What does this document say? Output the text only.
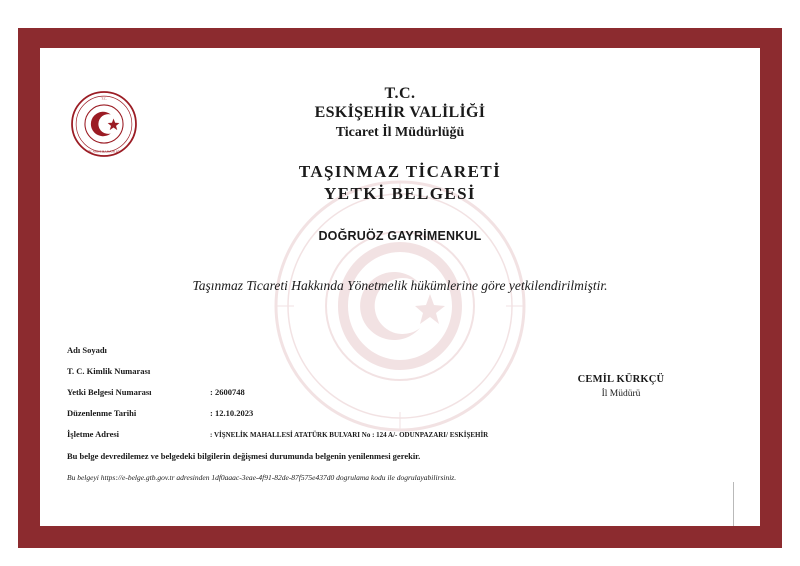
T.C.
TİCARET BAKANLIĞI
T.C.
ESKİŞEHİR VALİLİĞİ
Ticaret İl Müdürlüğü
TAŞINMAZ TİCARETİ
YETKİ BELGESİ
DOĞRUÖZ GAYRİMENKUL
Taşınmaz Ticareti Hakkında Yönetmelik hükümlerine göre yetkilendirilmiştir.
Adı Soyadı
T. C. Kimlik Numarası
Yetki Belgesi Numarası	: 2600748
Düzenlenme Tarihi	: 12.10.2023
İşletme Adresi	: VİŞNELİK MAHALLESİ ATATÜRK BULVARI No : 124 A/- ODUNPAZARI/ ESKİŞEHİR
Bu belge devredilemez ve belgedeki bilgilerin değişmesi durumunda belgenin yenilenmesi gerekir.
Bu belgeyi https://e-belge.gtb.gov.tr adresinden 1df0aaac-3eae-4f91-82de-87f575e437d0 dogrulama kodu ile dogrulayabilirsiniz.
CEMİL KÜRKÇÜ
İl Müdürü
